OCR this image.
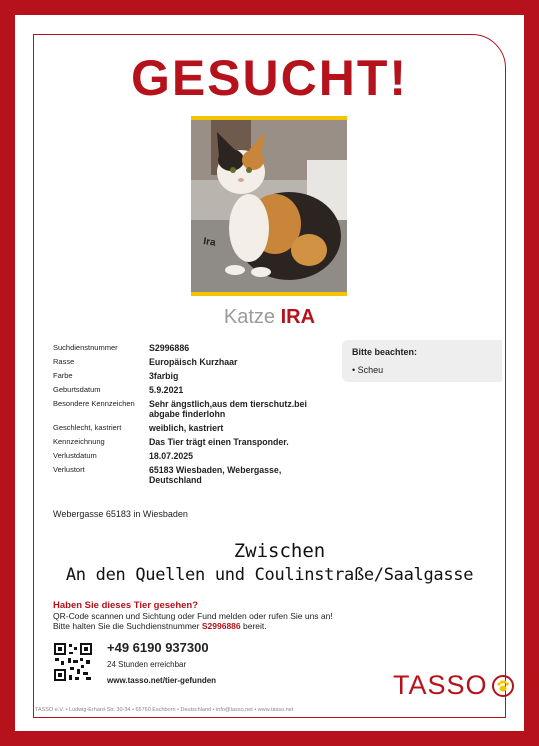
GESUCHT!
Ira
Katze IRA
Suchdienstnummer	S2996886
Rasse	Europäisch Kurzhaar
Farbe	3farbig
Geburtsdatum	5.9.2021
Besondere Kennzeichen	Sehr ängstlich,aus dem tierschutz.bei abgabe finderlohn
Geschlecht, kastriert	weiblich, kastriert
Kennzeichnung	Das Tier trägt einen Transponder.
Verlustdatum	18.07.2025
Verlustort	65183 Wiesbaden, Webergasse, Deutschland
Bitte beachten:
• Scheu
Webergasse 65183 in Wiesbaden
Zwischen
An den Quellen und Coulinstraße/Saalgasse
Haben Sie dieses Tier gesehen?
QR-Code scannen und Sichtung oder Fund melden oder rufen Sie uns an!
Bitte halten Sie die Suchdienstnummer S2996886 bereit.
+49 6190 937300
24 Stunden erreichbar
www.tasso.net/tier-gefunden	TASSO
TASSO e.V. • Ludwig-Erhard-Str. 30-34 • 65760 Eschborn • Deutschland • info@tasso.net • www.tasso.net
